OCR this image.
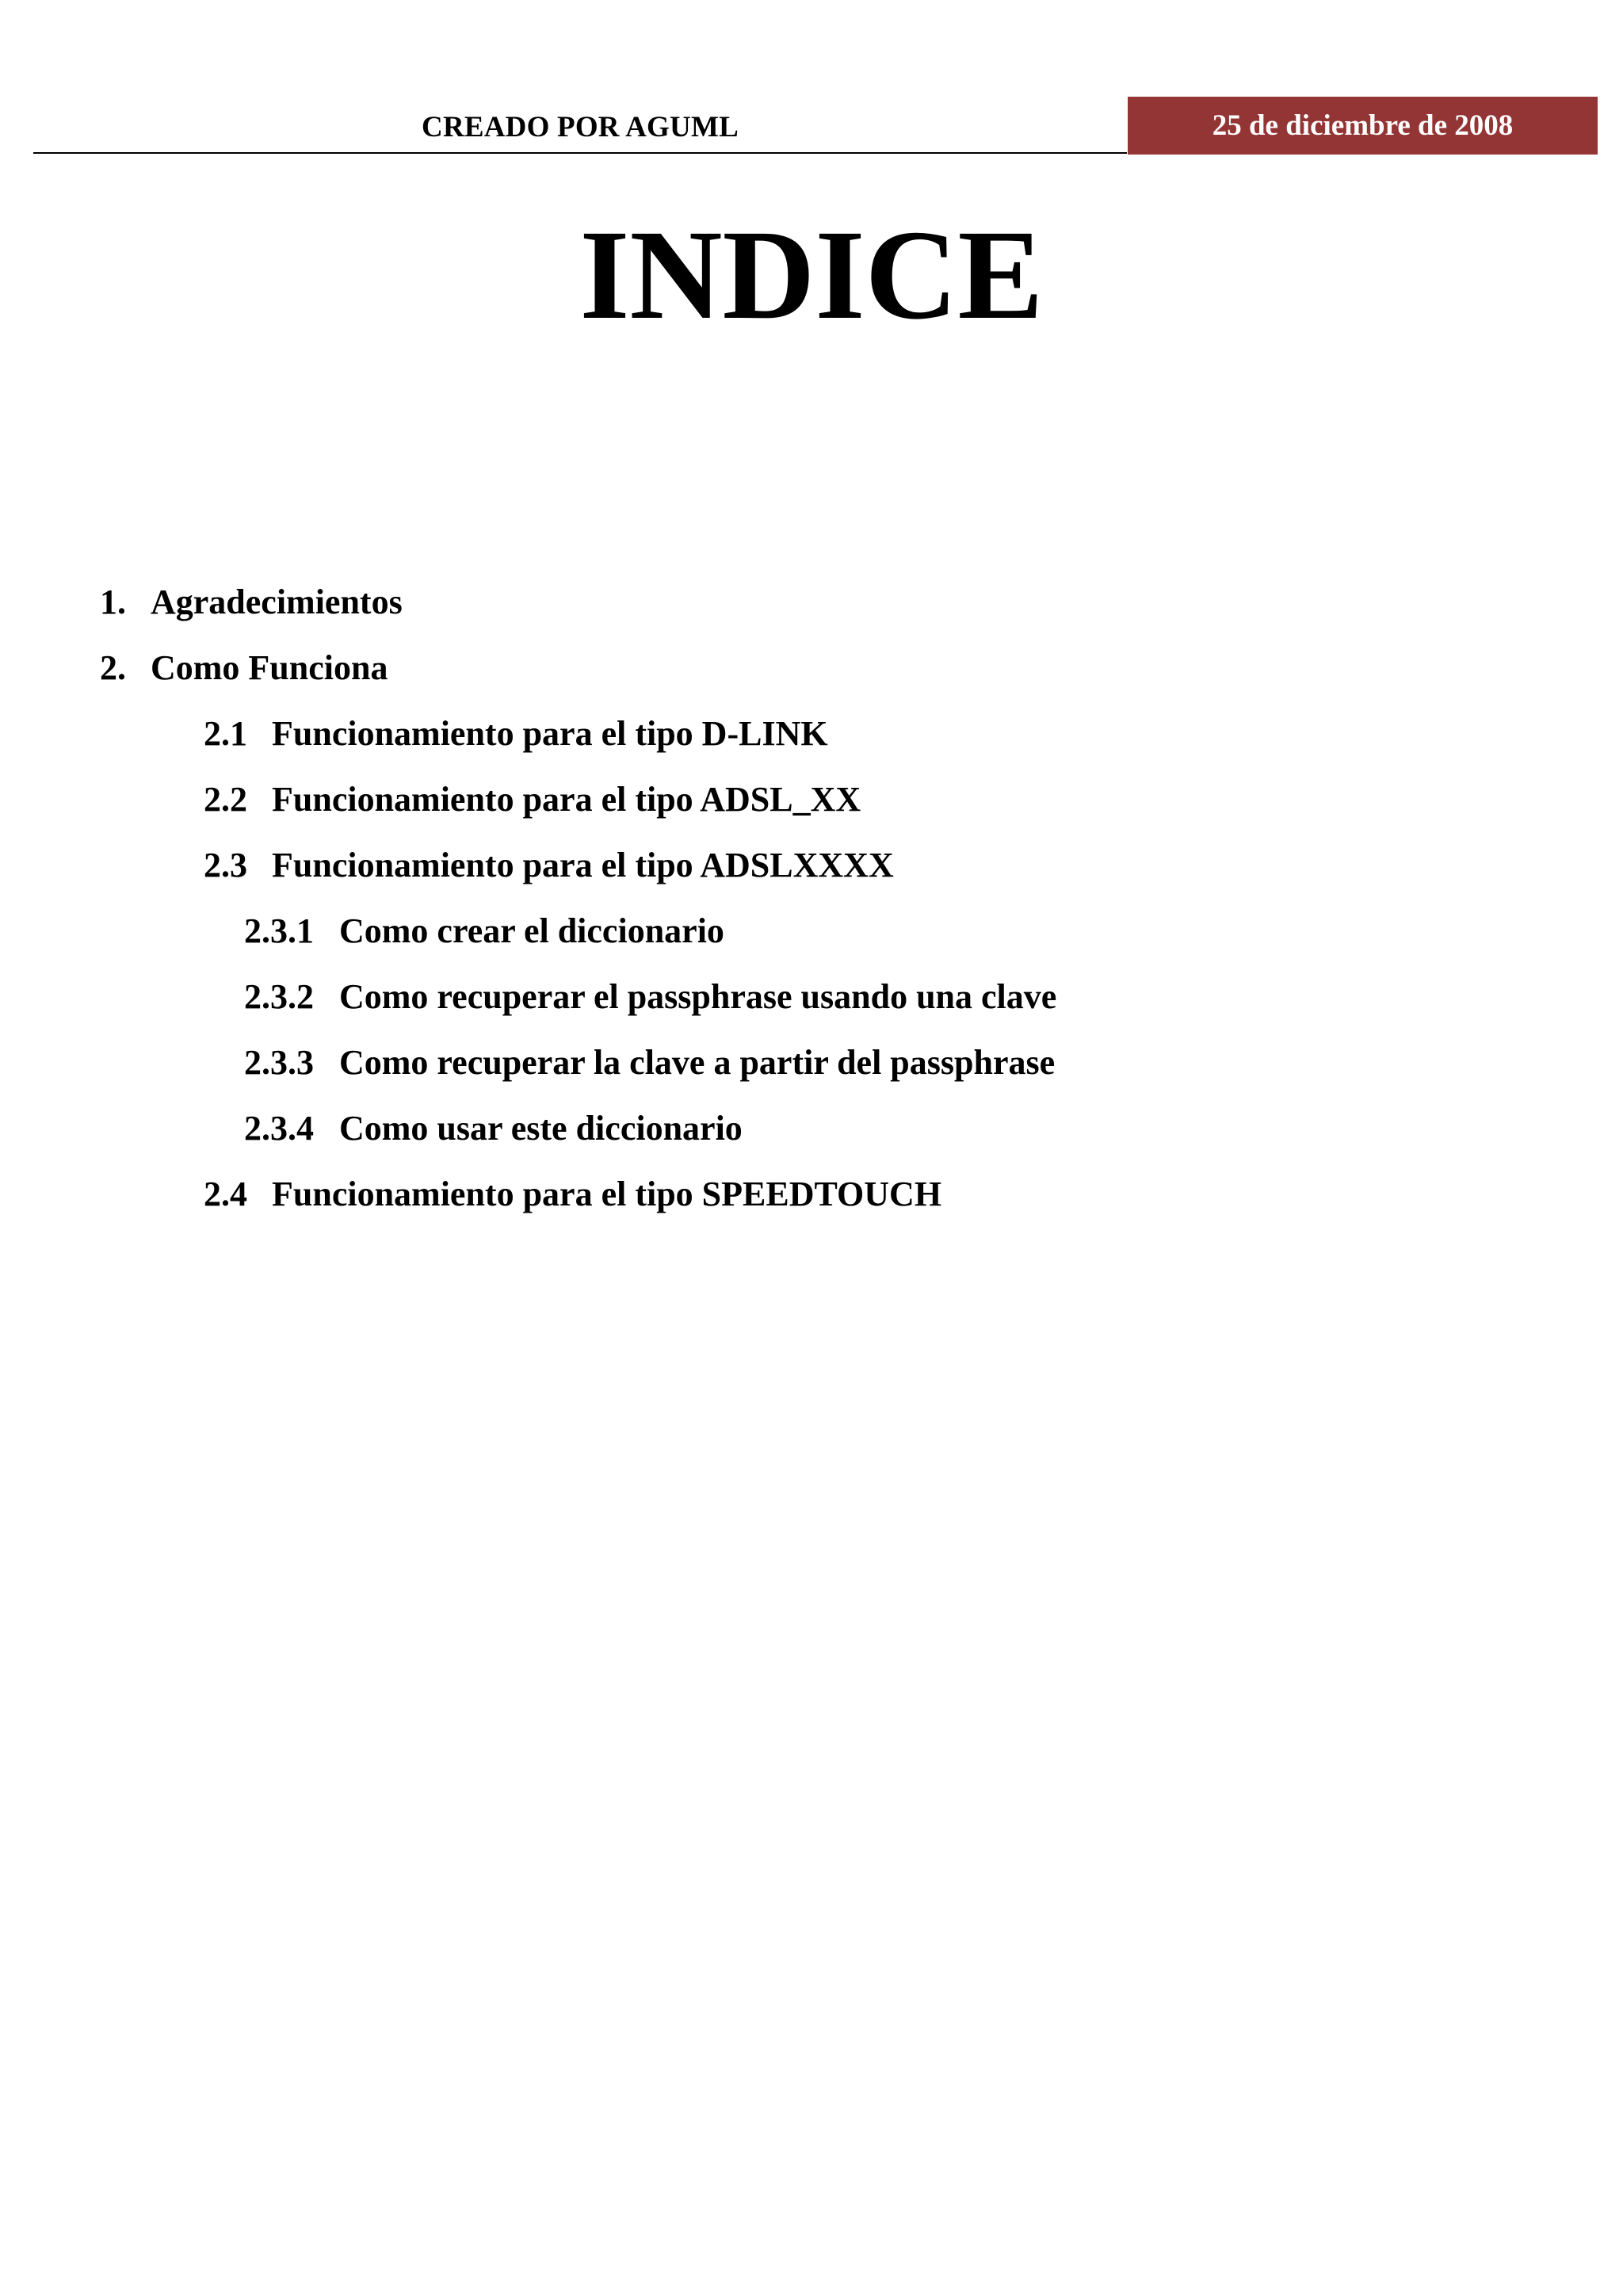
CREADO POR AGUML	25 de diciembre de 2008
INDICE
1. Agradecimientos
2. Como Funciona
2.1 Funcionamiento para el tipo D-LINK
2.2 Funcionamiento para el tipo ADSL_XX
2.3 Funcionamiento para el tipo ADSLXXXX
2.3.1 Como crear el diccionario
2.3.2 Como recuperar el passphrase usando una clave
2.3.3 Como recuperar la clave a partir del passphrase
2.3.4 Como usar este diccionario
2.4 Funcionamiento para el tipo SPEEDTOUCH
